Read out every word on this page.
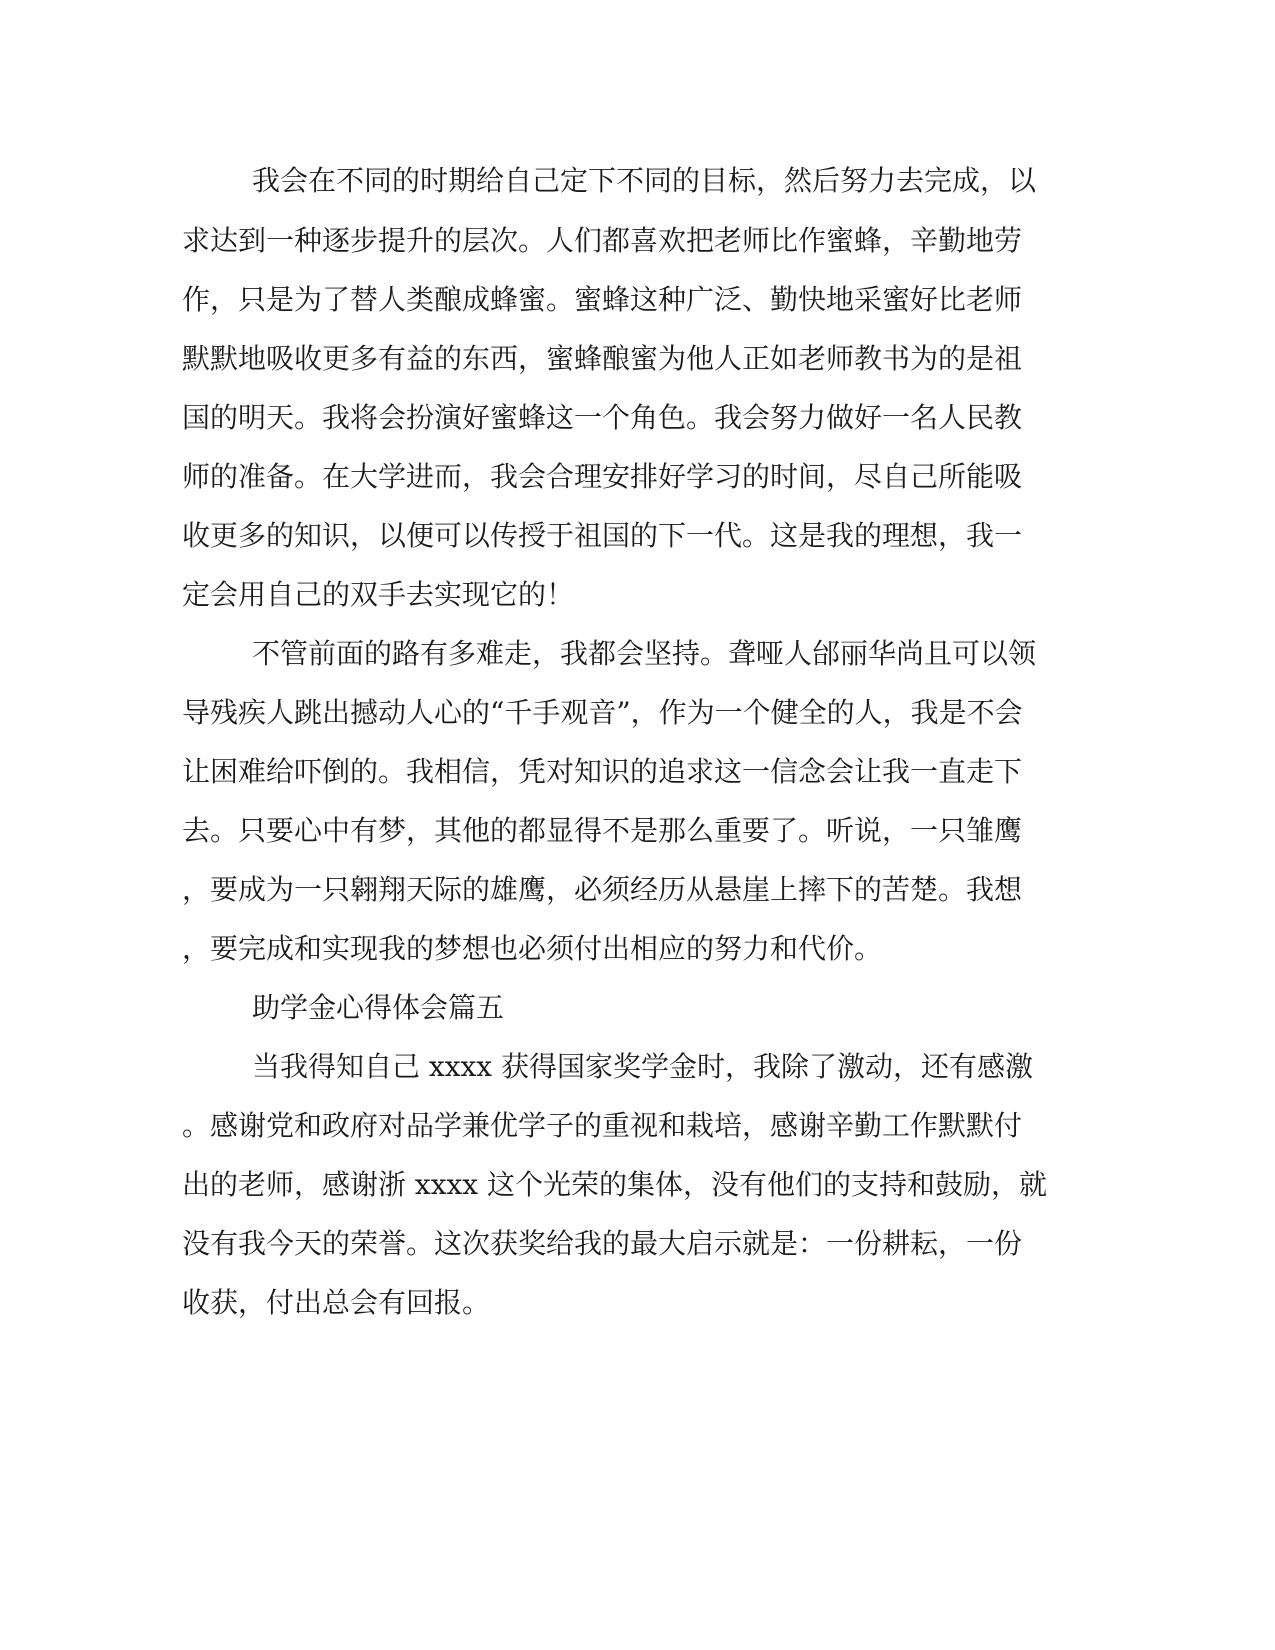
我会在不同的时期给自己定下不同的目标，然后努力去完成，以
求达到一种逐步提升的层次。人们都喜欢把老师比作蜜蜂，辛勤地劳
作，只是为了替人类酿成蜂蜜。蜜蜂这种广泛、勤快地采蜜好比老师
默默地吸收更多有益的东西，蜜蜂酿蜜为他人正如老师教书为的是祖
国的明天。我将会扮演好蜜蜂这一个角色。我会努力做好一名人民教
师的准备。在大学进而，我会合理安排好学习的时间，尽自己所能吸
收更多的知识，以便可以传授于祖国的下一代。这是我的理想，我一
定会用自己的双手去实现它的！
不管前面的路有多难走，我都会坚持。聋哑人邰丽华尚且可以领
导残疾人跳出撼动人心的“千手观音”，作为一个健全的人，我是不会
让困难给吓倒的。我相信，凭对知识的追求这一信念会让我一直走下
去。只要心中有梦，其他的都显得不是那么重要了。听说，一只雏鹰
，要成为一只翱翔天际的雄鹰，必须经历从悬崖上摔下的苦楚。我想
，要完成和实现我的梦想也必须付出相应的努力和代价。
助学金心得体会篇五
当我得知自己 xxxx 获得国家奖学金时，我除了激动，还有感激
。感谢党和政府对品学兼优学子的重视和栽培，感谢辛勤工作默默付
出的老师，感谢浙 xxxx 这个光荣的集体，没有他们的支持和鼓励，就
没有我今天的荣誉。这次获奖给我的最大启示就是：一份耕耘，一份
收获，付出总会有回报。
